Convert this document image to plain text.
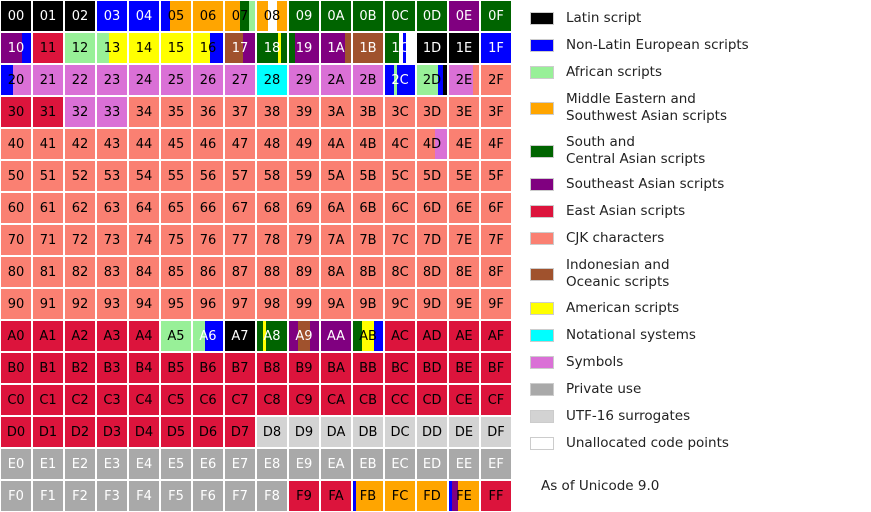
00	01	02	03	04	05	06	07	08	09	0A	0B	0C	0D	0E	0F
10	11	12	13	14	15	16	17	18	19	1A	1B	1C	1D	1E	1F
20	21	22	23	24	25	26	27	28	29	2A	2B	2C	2D	2E	2F
30	31	32	33	34	35	36	37	38	39	3A	3B	3C	3D	3E	3F
40	41	42	43	44	45	46	47	48	49	4A	4B	4C	4D	4E	4F
50	51	52	53	54	55	56	57	58	59	5A	5B	5C	5D	5E	5F
60	61	62	63	64	65	66	67	68	69	6A	6B	6C	6D	6E	6F
70	71	72	73	74	75	76	77	78	79	7A	7B	7C	7D	7E	7F
80	81	82	83	84	85	86	87	88	89	8A	8B	8C	8D	8E	8F
90	91	92	93	94	95	96	97	98	99	9A	9B	9C	9D	9E	9F
A0	A1	A2	A3	A4	A5	A6	A7	A8	A9	AA	AB	AC	AD	AE	AF
B0	B1	B2	B3	B4	B5	B6	B7	B8	B9	BA	BB	BC	BD	BE	BF
C0	C1	C2	C3	C4	C5	C6	C7	C8	C9	CA	CB	CC	CD	CE	CF
D0	D1	D2	D3	D4	D5	D6	D7	D8	D9	DA	DB DC DD DE	DF
E0	E1	E2	E3	E4	E5	E6	E7	E8	E9	EA	EB	EC	ED	EE	EF
F0	F1	F2	F3	F4	F5	F6	F7	F8	F9	FA	FB	FC	FD	FE	FF
Latin script
Non-Latin European scripts
African scripts
Middle Eastern and
Southwest Asian scripts
South and
Central Asian scripts
Southeast Asian scripts
East Asian scripts
CJK characters
Indonesian and
Oceanic scripts
American scripts
Notational systems
Symbols
Private use
UTF-16 surrogates
Unallocated code points
As of Unicode 9.0
